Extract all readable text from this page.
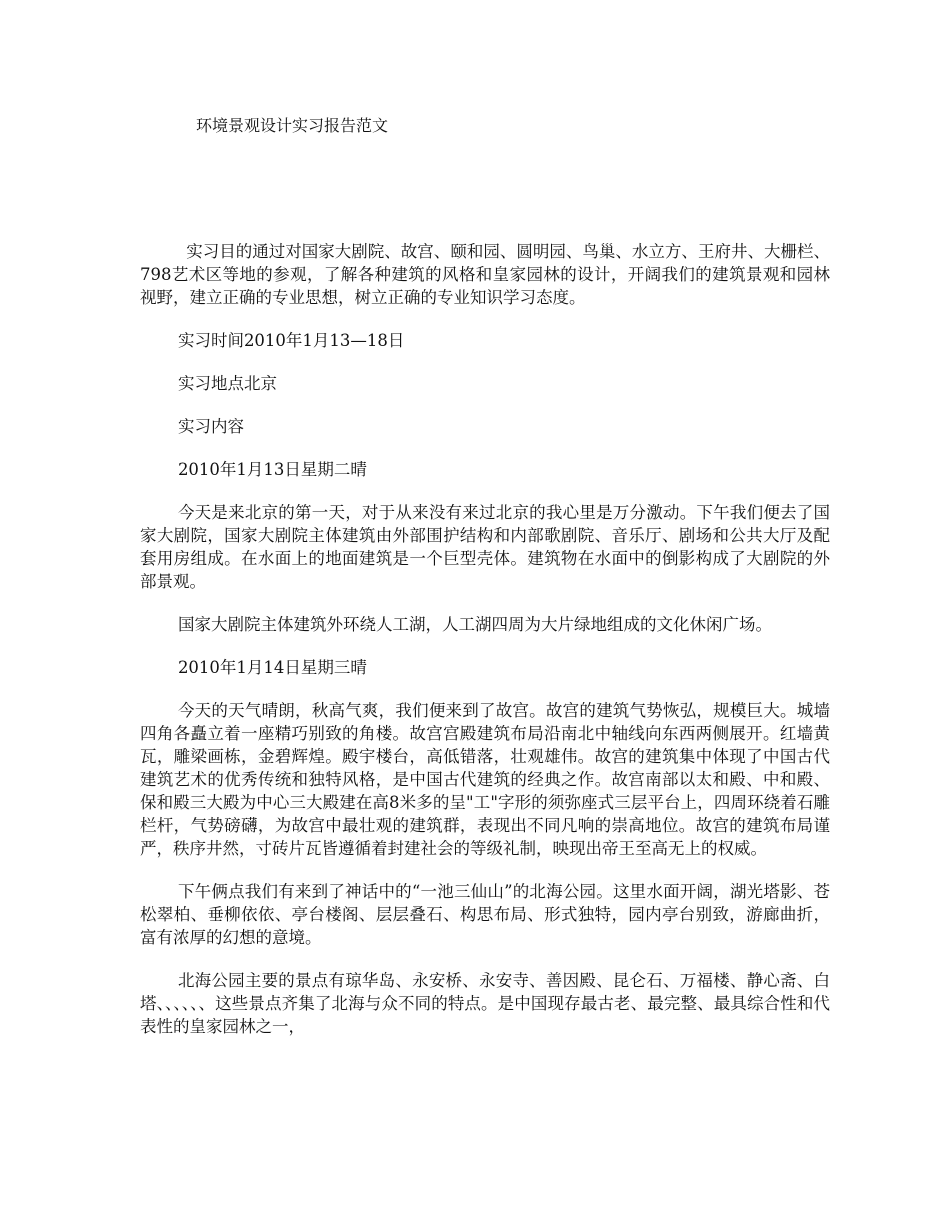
环境景观设计实习报告范文

实习目的通过对国家大剧院、故宫、颐和园、圆明园、鸟巢、水立方、王府井、大栅栏、798艺术区等地的参观，了解各种建筑的风格和皇家园林的设计，开阔我们的建筑景观和园林视野，建立正确的专业思想，树立正确的专业知识学习态度。

实习时间2010年1月13—18日

实习地点北京

实习内容

2010年1月13日星期二晴

今天是来北京的第一天，对于从来没有来过北京的我心里是万分激动。下午我们便去了国家大剧院，国家大剧院主体建筑由外部围护结构和内部歌剧院、音乐厅、剧场和公共大厅及配套用房组成。在水面上的地面建筑是一个巨型壳体。建筑物在水面中的倒影构成了大剧院的外部景观。

国家大剧院主体建筑外环绕人工湖，人工湖四周为大片绿地组成的文化休闲广场。

2010年1月14日星期三晴

今天的天气晴朗，秋高气爽，我们便来到了故宫。故宫的建筑气势恢弘，规模巨大。城墙四角各矗立着一座精巧别致的角楼。故宫宫殿建筑布局沿南北中轴线向东西两侧展开。红墙黄瓦，雕梁画栋，金碧辉煌。殿宇楼台，高低错落，壮观雄伟。故宫的建筑集中体现了中国古代建筑艺术的优秀传统和独特风格，是中国古代建筑的经典之作。故宫南部以太和殿、中和殿、保和殿三大殿为中心三大殿建在高8米多的呈"工"字形的须弥座式三层平台上，四周环绕着石雕栏杆，气势磅礴，为故宫中最壮观的建筑群，表现出不同凡响的崇高地位。故宫的建筑布局谨严，秩序井然，寸砖片瓦皆遵循着封建社会的等级礼制，映现出帝王至高无上的权威。

下午俩点我们有来到了神话中的“一池三仙山”的北海公园。这里水面开阔，湖光塔影、苍松翠柏、垂柳依依、亭台楼阁、层层叠石、构思布局、形式独特，园内亭台别致，游廊曲折，富有浓厚的幻想的意境。

北海公园主要的景点有琼华岛、永安桥、永安寺、善因殿、昆仑石、万福楼、静心斋、白塔、、、、、、这些景点齐集了北海与众不同的特点。是中国现存最古老、最完整、最具综合性和代表性的皇家园林之一，
